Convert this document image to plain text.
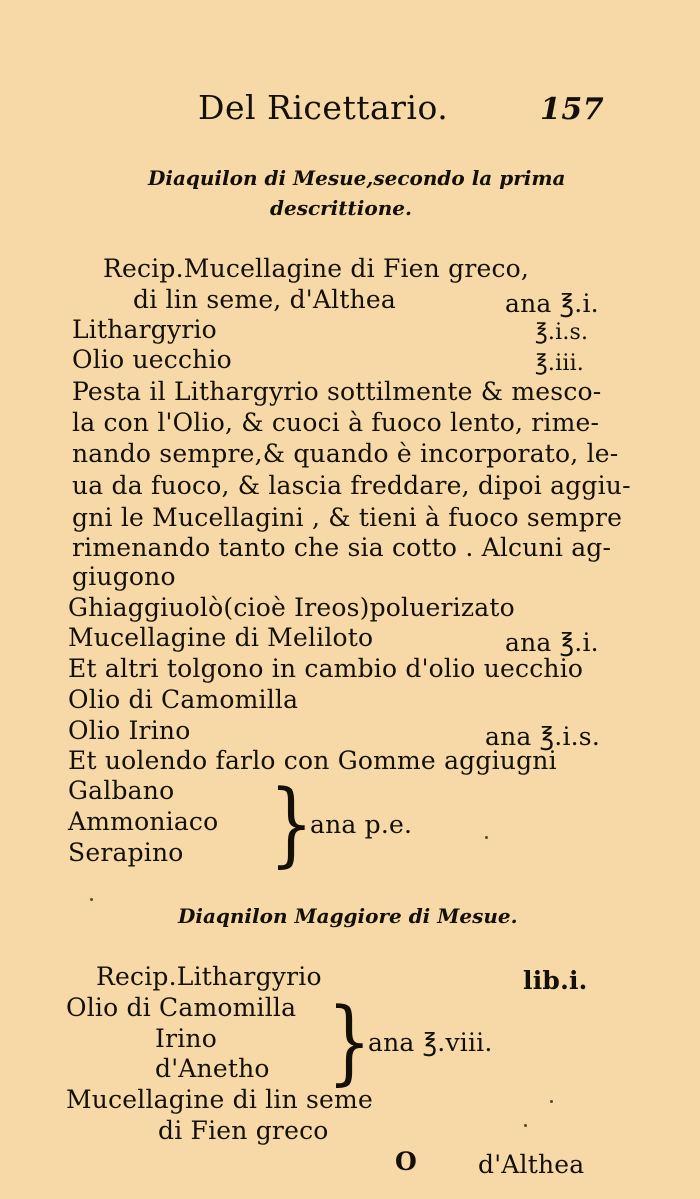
Del Ricettario.	157
Diaquilon di Mesue,secondo la prima
descrittione.
Recip.Mucellagine di Fien greco,
di lin seme, d'Althea	ana ℥.i.
Lithargyrio	℥.i.s.
Olio uecchio	℥.iii.
Pesta il Lithargyrio sottilmente & mesco-
la con l'Olio, & cuoci à fuoco lento, rime-
nando sempre,& quando è incorporato, le-
ua da fuoco, & lascia freddare, dipoi aggiu-
gni le Mucellagini , & tieni à fuoco sempre
rimenando tanto che sia cotto . Alcuni ag-
giugono
Ghiaggiuolò(cioè Ireos)poluerizato
Mucellagine di Meliloto	ana ℥.i.
Et altri tolgono in cambio d'olio uecchio
Olio di Camomilla
Olio Irino	ana ℥.i.s.
Et uolendo farlo con Gomme aggiugni
Galbano
Ammoniaco
Serapino }
ana p.e.
Diaqnilon Maggiore di Mesue.
Recip.Lithargyrio	lib.i.
Olio di Camomilla
Irino
d'Anetho }
ana ℥.viii.
Mucellagine di lin seme
di Fien greco
O d'Althea
